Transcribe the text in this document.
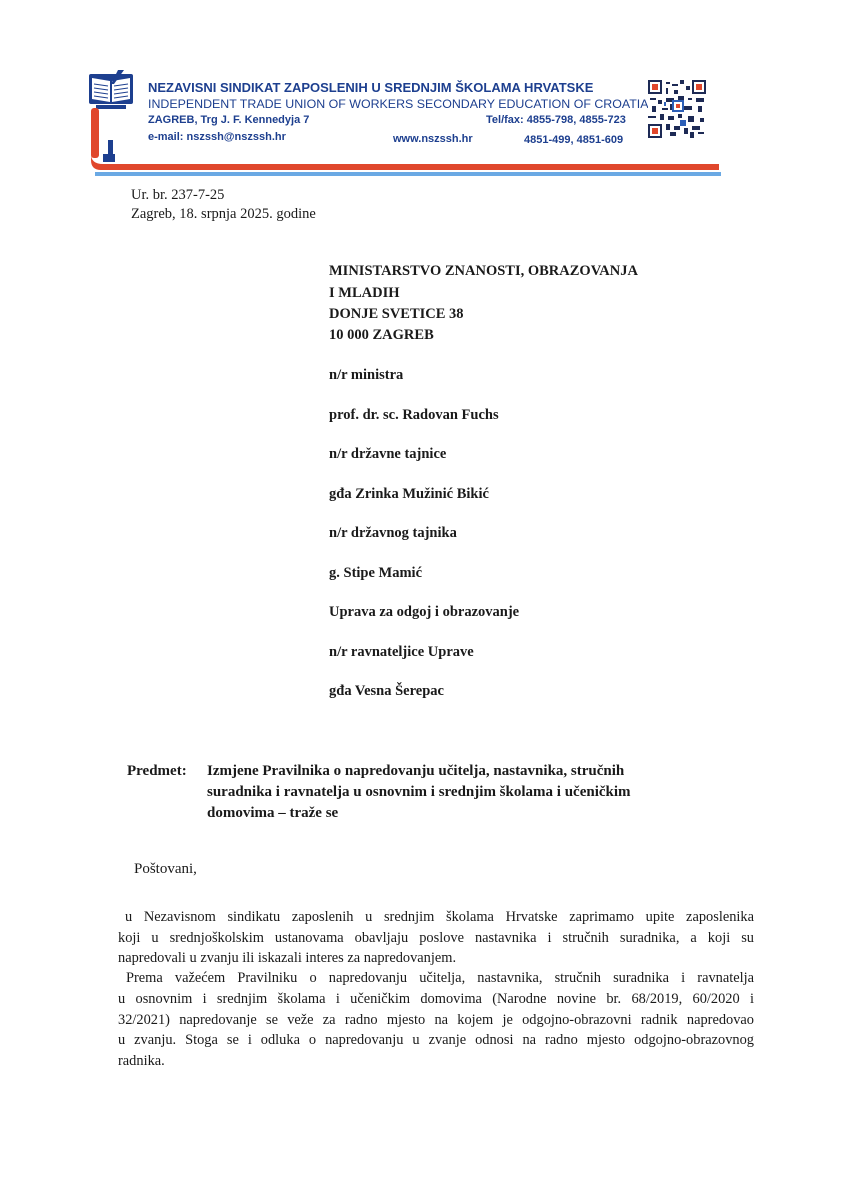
NEZAVISNI SINDIKAT ZAPOSLENIH U SREDNJIM ŠKOLAMA HRVATSKE
INDEPENDENT TRADE UNION OF WORKERS SECONDARY EDUCATION OF CROATIA
ZAGREB, Trg J. F. Kennedyja 7
e-mail: nszssh@nszssh.hr	www.nszssh.hr
Tel/fax: 4855-798, 4855-723
4851-499, 4851-609
Ur. br. 237-7-25
Zagreb, 18. srpnja 2025. godine
MINISTARSTVO ZNANOSTI, OBRAZOVANJA
I MLADIH
DONJE SVETICE 38
10 000 ZAGREB
n/r ministra
prof. dr. sc. Radovan Fuchs
n/r državne tajnice
gđa Zrinka Mužinić Bikić
n/r državnog tajnika
g. Stipe Mamić
Uprava za odgoj i obrazovanje
n/r ravnateljice Uprave
gđa Vesna Šerepac
Predmet: Izmjene Pravilnika o napredovanju učitelja, nastavnika, stručnih
suradnika i ravnatelja u osnovnim i srednjim školama i učeničkim
domovima – traže se
Poštovani,
u Nezavisnom sindikatu zaposlenih u srednjim školama Hrvatske zaprimamo upite zaposlenika
koji u srednjoškolskim ustanovama obavljaju poslove nastavnika i stručnih suradnika, a koji su
napredovali u zvanju ili iskazali interes za napredovanjem.
Prema važećem Pravilniku o napredovanju učitelja, nastavnika, stručnih suradnika i ravnatelja
u osnovnim i srednjim školama i učeničkim domovima (Narodne novine br. 68/2019, 60/2020 i
32/2021) napredovanje se veže za radno mjesto na kojem je odgojno-obrazovni radnik napredovao
u zvanju. Stoga se i odluka o napredovanju u zvanje odnosi na radno mjesto odgojno-obrazovnog
radnika.
